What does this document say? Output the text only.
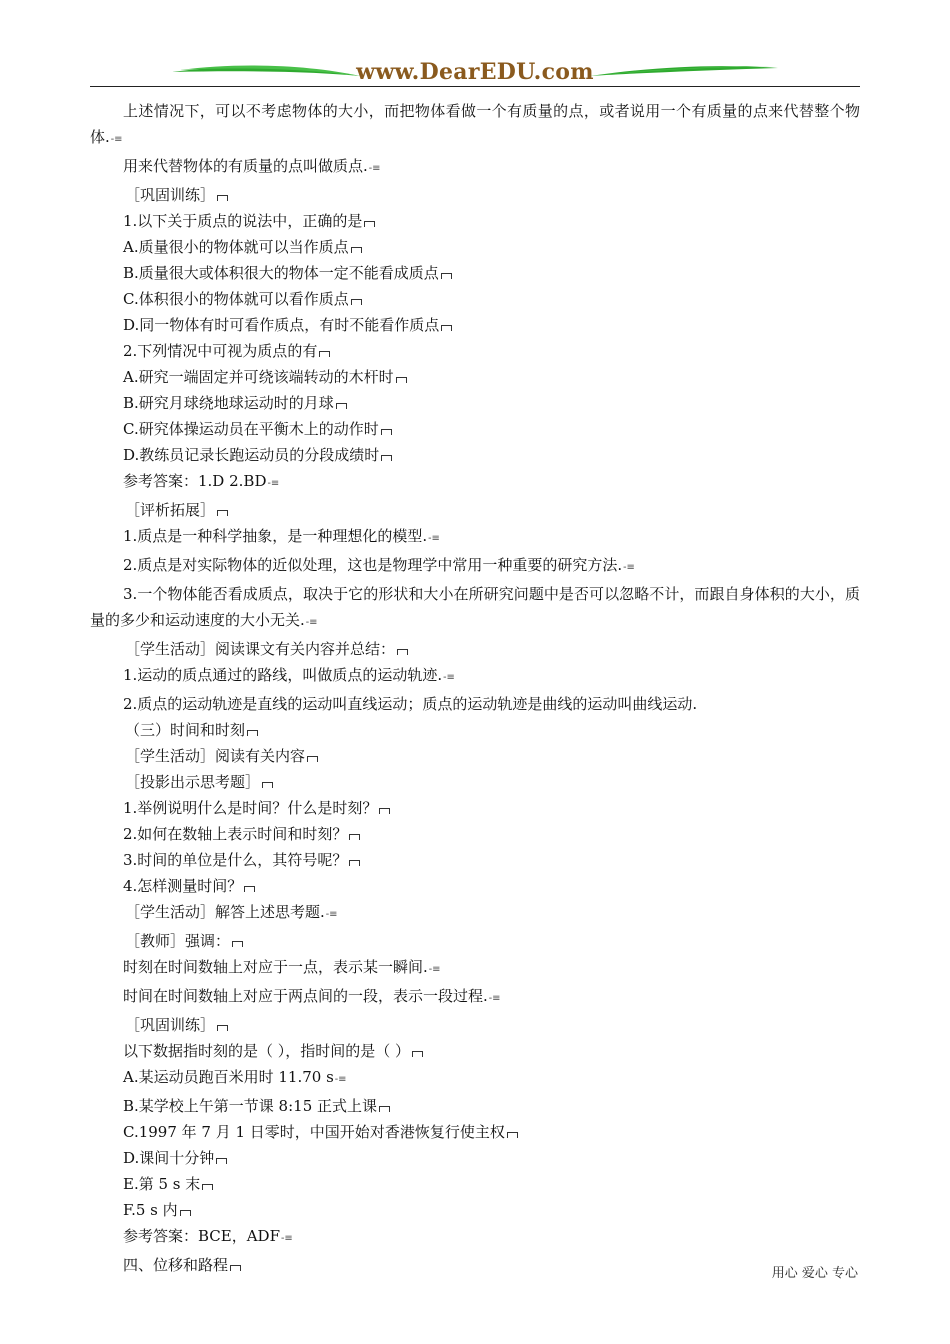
www.DearEDU.com
上述情况下，可以不考虑物体的大小，而把物体看做一个有质量的点，或者说用一个有质量的点来代替整个物体.-≡
用来代替物体的有质量的点叫做质点.-≡
［巩固训练］
1.以下关于质点的说法中，正确的是
A.质量很小的物体就可以当作质点
B.质量很大或体积很大的物体一定不能看成质点
C.体积很小的物体就可以看作质点
D.同一物体有时可看作质点，有时不能看作质点
2.下列情况中可视为质点的有
A.研究一端固定并可绕该端转动的木杆时
B.研究月球绕地球运动时的月球
C.研究体操运动员在平衡木上的动作时
D.教练员记录长跑运动员的分段成绩时
参考答案：1.D 2.BD-≡
［评析拓展］
1.质点是一种科学抽象，是一种理想化的模型.-≡
2.质点是对实际物体的近似处理，这也是物理学中常用一种重要的研究方法.-≡
3.一个物体能否看成质点，取决于它的形状和大小在所研究问题中是否可以忽略不计，而跟自身体积的大小，质量的多少和运动速度的大小无关.-≡
［学生活动］阅读课文有关内容并总结：
1.运动的质点通过的路线，叫做质点的运动轨迹.-≡
2.质点的运动轨迹是直线的运动叫直线运动；质点的运动轨迹是曲线的运动叫曲线运动.
（三）时间和时刻
［学生活动］阅读有关内容
［投影出示思考题］
1.举例说明什么是时间？什么是时刻？
2.如何在数轴上表示时间和时刻？
3.时间的单位是什么，其符号呢？
4.怎样测量时间？
［学生活动］解答上述思考题.-≡
［教师］强调：
时刻在时间数轴上对应于一点，表示某一瞬间.-≡
时间在时间数轴上对应于两点间的一段，表示一段过程.-≡
［巩固训练］
以下数据指时刻的是（ ），指时间的是（ ）
A.某运动员跑百米用时 11.70 s-≡
B.某学校上午第一节课 8:15 正式上课
C.1997 年 7 月 1 日零时，中国开始对香港恢复行使主权
D.课间十分钟
E.第 5 s 末
F.5 s 内
参考答案：BCE，ADF-≡
四、位移和路程	用心 爱心 专心
